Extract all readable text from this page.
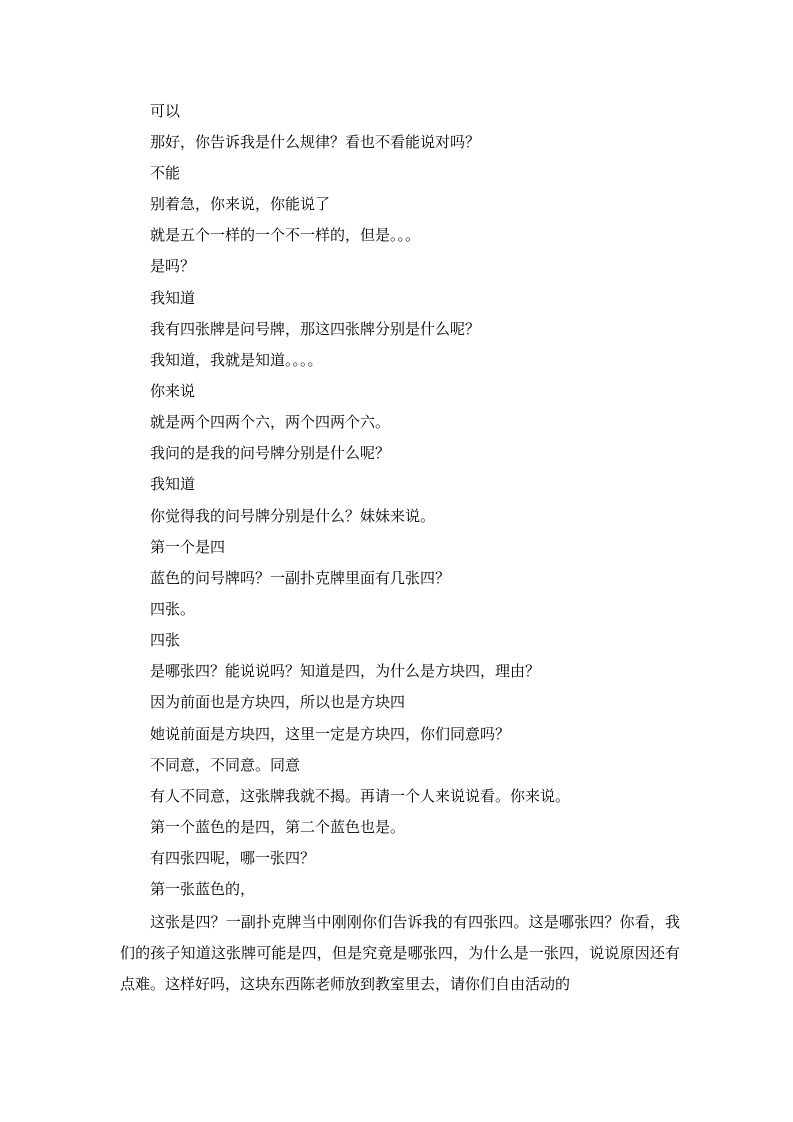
可以
那好，你告诉我是什么规律？看也不看能说对吗？
不能
别着急，你来说，你能说了
就是五个一样的一个不一样的，但是。。。
是吗？
我知道
我有四张牌是问号牌，那这四张牌分别是什么呢？
我知道，我就是知道。。。。
你来说
就是两个四两个六，两个四两个六。
我问的是我的问号牌分别是什么呢？
我知道
你觉得我的问号牌分别是什么？妹妹来说。
第一个是四
蓝色的问号牌吗？一副扑克牌里面有几张四？
四张。
四张
是哪张四？能说说吗？知道是四，为什么是方块四，理由？
因为前面也是方块四，所以也是方块四
她说前面是方块四，这里一定是方块四，你们同意吗？
不同意，不同意。同意
有人不同意，这张牌我就不揭。再请一个人来说说看。你来说。
第一个蓝色的是四，第二个蓝色也是。
有四张四呢，哪一张四？
第一张蓝色的，
这张是四？一副扑克牌当中刚刚你们告诉我的有四张四。这是哪张四？你看，我们的孩子知道这张牌可能是四，但是究竟是哪张四，为什么是一张四，说说原因还有点难。这样好吗，这块东西陈老师放到教室里去，请你们自由活动的
